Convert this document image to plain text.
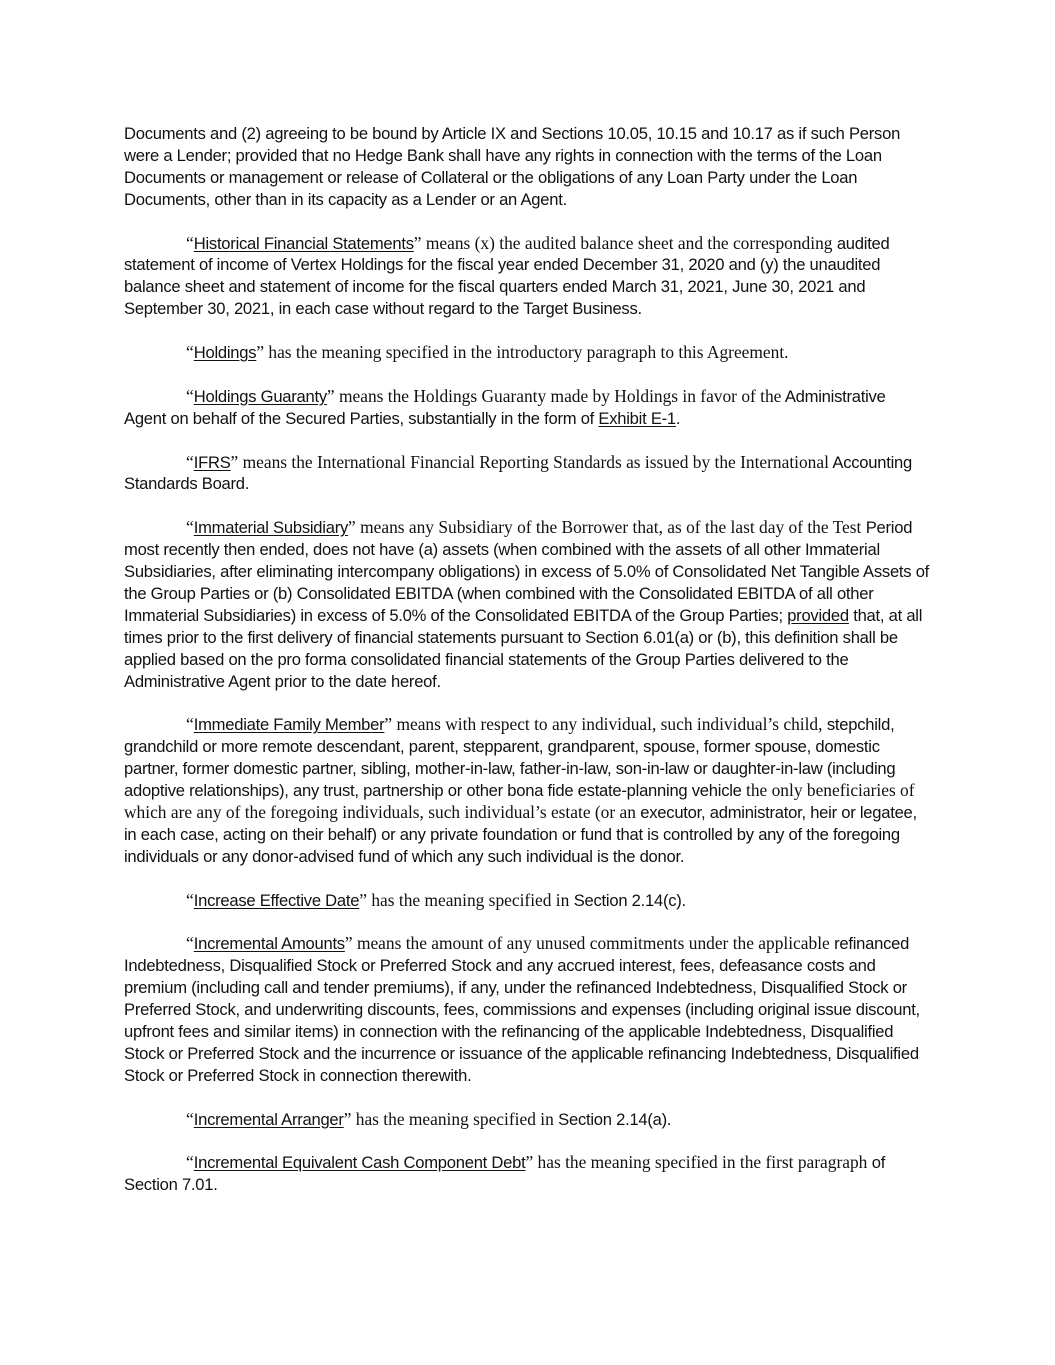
Documents and (2) agreeing to be bound by Article IX and Sections 10.05, 10.15 and 10.17 as if such Person were a Lender; provided that no Hedge Bank shall have any rights in connection with the terms of the Loan Documents or management or release of Collateral or the obligations of any Loan Party under the Loan Documents, other than in its capacity as a Lender or an Agent.

“Historical Financial Statements” means (x) the audited balance sheet and the corresponding audited statement of income of Vertex Holdings for the fiscal year ended December 31, 2020 and (y) the unaudited balance sheet and statement of income for the fiscal quarters ended March 31, 2021, June 30, 2021 and September 30, 2021, in each case without regard to the Target Business.

“Holdings” has the meaning specified in the introductory paragraph to this Agreement.

“Holdings Guaranty” means the Holdings Guaranty made by Holdings in favor of the Administrative Agent on behalf of the Secured Parties, substantially in the form of Exhibit E-1.

“IFRS” means the International Financial Reporting Standards as issued by the International Accounting Standards Board.

“Immaterial Subsidiary” means any Subsidiary of the Borrower that, as of the last day of the Test Period most recently then ended, does not have (a) assets (when combined with the assets of all other Immaterial Subsidiaries, after eliminating intercompany obligations) in excess of 5.0% of Consolidated Net Tangible Assets of the Group Parties or (b) Consolidated EBITDA (when combined with the Consolidated EBITDA of all other Immaterial Subsidiaries) in excess of 5.0% of the Consolidated EBITDA of the Group Parties; provided that, at all times prior to the first delivery of financial statements pursuant to Section 6.01(a) or (b), this definition shall be applied based on the pro forma consolidated financial statements of the Group Parties delivered to the Administrative Agent prior to the date hereof.

“Immediate Family Member” means with respect to any individual, such individual’s child, stepchild, grandchild or more remote descendant, parent, stepparent, grandparent, spouse, former spouse, domestic partner, former domestic partner, sibling, mother-in-law, father-in-law, son-in-law or daughter-in-law (including adoptive relationships), any trust, partnership or other bona fide estate-planning vehicle the only beneficiaries of which are any of the foregoing individuals, such individual’s estate (or an executor, administrator, heir or legatee, in each case, acting on their behalf) or any private foundation or fund that is controlled by any of the foregoing individuals or any donor-advised fund of which any such individual is the donor.

“Increase Effective Date” has the meaning specified in Section 2.14(c).

“Incremental Amounts” means the amount of any unused commitments under the applicable refinanced Indebtedness, Disqualified Stock or Preferred Stock and any accrued interest, fees, defeasance costs and premium (including call and tender premiums), if any, under the refinanced Indebtedness, Disqualified Stock or Preferred Stock, and underwriting discounts, fees, commissions and expenses (including original issue discount, upfront fees and similar items) in connection with the refinancing of the applicable Indebtedness, Disqualified Stock or Preferred Stock and the incurrence or issuance of the applicable refinancing Indebtedness, Disqualified Stock or Preferred Stock in connection therewith.

“Incremental Arranger” has the meaning specified in Section 2.14(a).

“Incremental Equivalent Cash Component Debt” has the meaning specified in the first paragraph of Section 7.01.
